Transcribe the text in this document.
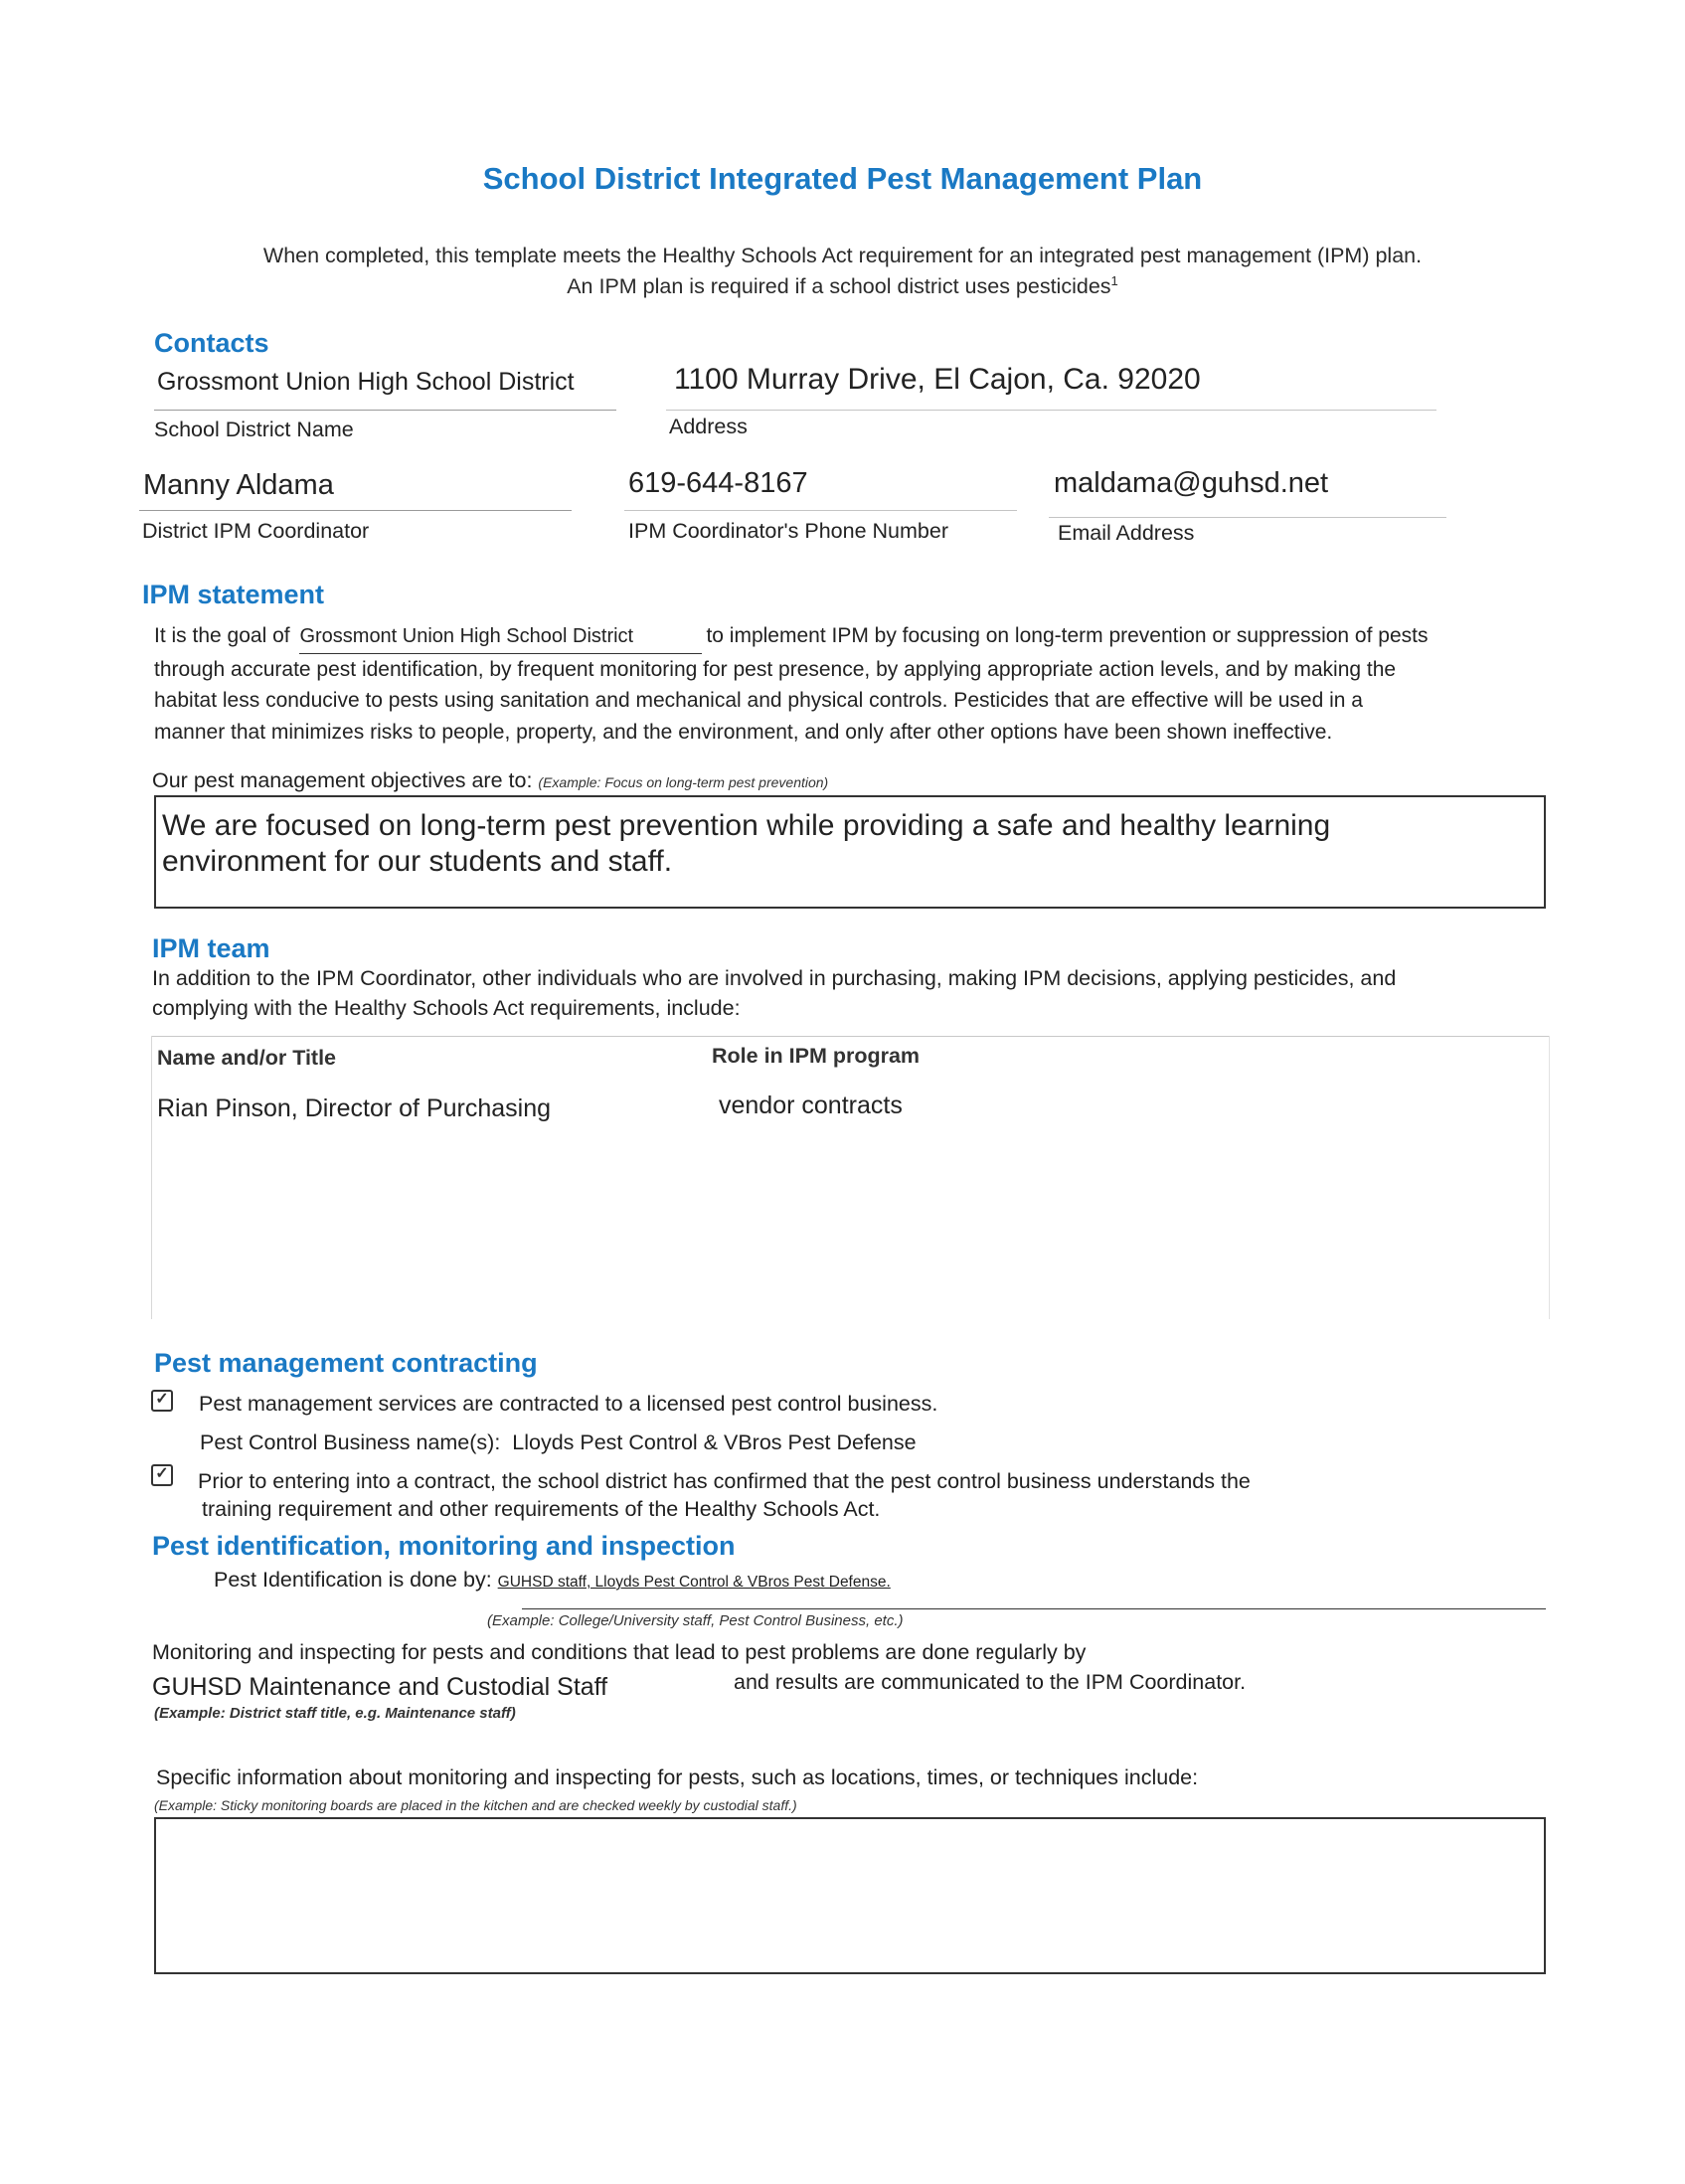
School District Integrated Pest Management Plan
When completed, this template meets the Healthy Schools Act requirement for an integrated pest management (IPM) plan.
An IPM plan is required if a school district uses pesticides$^1$
Contacts
Grossmont Union High School District
School District Name
1100 Murray Drive, El Cajon, Ca. 92020
Address
Manny Aldama
District IPM Coordinator
619-644-8167
IPM Coordinator's Phone Number
maldama@guhsd.net
Email Address
IPM statement
It is the goal of Grossmont Union High School District	to implement IPM by focusing on long-term prevention or suppression of pests
through accurate pest identification, by frequent monitoring for pest presence, by applying appropriate action levels, and by making the
habitat less conducive to pests using sanitation and mechanical and physical controls. Pesticides that are effective will be used in a
manner that minimizes risks to people, property, and the environment, and only after other options have been shown ineffective.
Our pest management objectives are to: (Example: Focus on long-term pest prevention)
We are focused on long-term pest prevention while providing a safe and healthy learning
environment for our students and staff.
IPM team
In addition to the IPM Coordinator, other individuals who are involved in purchasing, making IPM decisions, applying pesticides, and
complying with the Healthy Schools Act requirements, include:
Name and/or Title	Role in IPM program
Rian Pinson, Director of Purchasing	vendor contracts
Pest management contracting
✓ Pest management services are contracted to a licensed pest control business.
Pest Control Business name(s): Lloyds Pest Control & VBros Pest Defense
✓ Prior to entering into a contract, the school district has confirmed that the pest control business understands the
training requirement and other requirements of the Healthy Schools Act.
Pest identification, monitoring and inspection
Pest Identification is done by: GUHSD staff, Lloyds Pest Control & VBros Pest Defense.
(Example: College/University staff, Pest Control Business, etc.)
Monitoring and inspecting for pests and conditions that lead to pest problems are done regularly by
GUHSD Maintenance and Custodial Staff	and results are communicated to the IPM Coordinator.
(Example: District staff title, e.g. Maintenance staff)
Specific information about monitoring and inspecting for pests, such as locations, times, or techniques include:
(Example: Sticky monitoring boards are placed in the kitchen and are checked weekly by custodial staff.)
